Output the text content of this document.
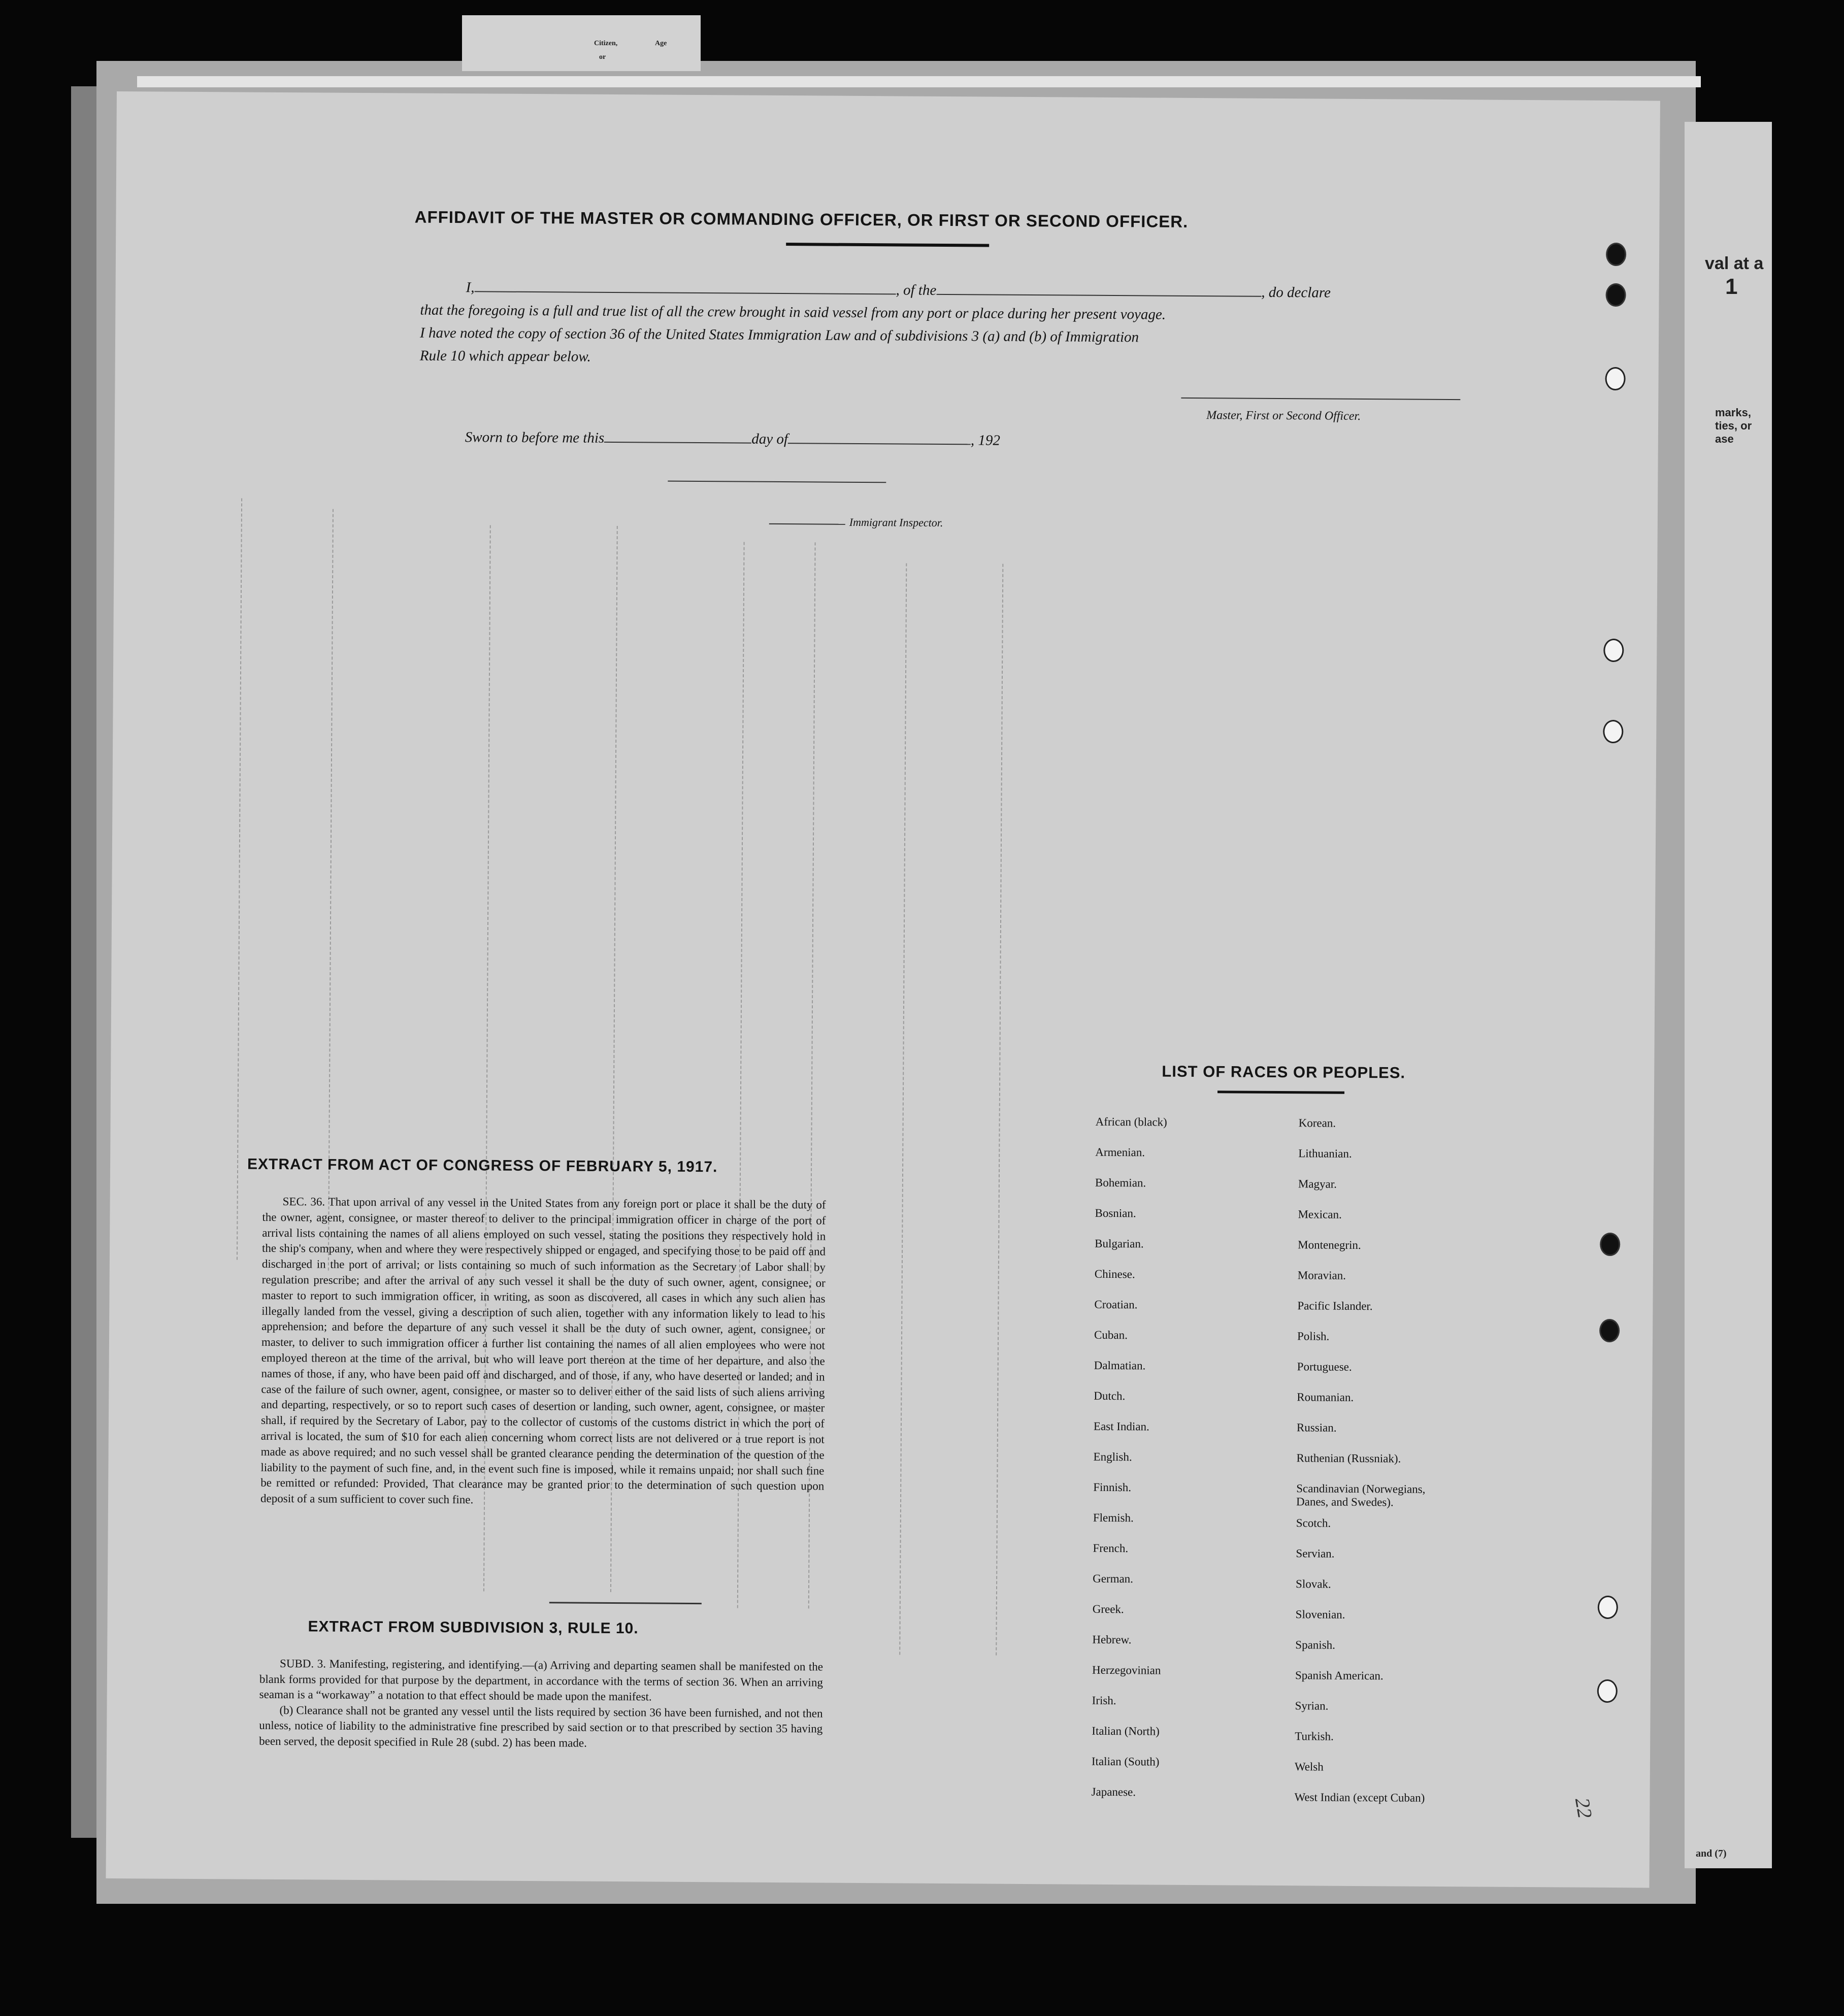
val at a
1
marks,
ties, or
ase
Citizen,
or
Age
AFFIDAVIT OF THE MASTER OR COMMANDING OFFICER, OR FIRST OR SECOND OFFICER.
I,	, of the	, do declare
that the foregoing is a full and true list of all the crew brought in said vessel from any port or place during her present voyage.
I have noted the copy of section 36 of the United States Immigration Law and of subdivisions 3 (a) and (b) of Immigration
Rule 10 which appear below.
Master, First or Second Officer.
Sworn to before me this	day of	, 192
Immigrant Inspector.
EXTRACT FROM ACT OF CONGRESS OF FEBRUARY 5, 1917.
SEC. 36. That upon arrival of any vessel in the United States from any foreign port or place it shall be the duty of the owner, agent, consignee, or master thereof to deliver to the principal immigration officer in charge of the port of arrival lists containing the names of all aliens employed on such vessel, stating the positions they respectively hold in the ship's company, when and where they were respectively shipped or engaged, and specifying those to be paid off and discharged in the port of arrival; or lists containing so much of such information as the Secretary of Labor shall by regulation prescribe; and after the arrival of any such vessel it shall be the duty of such owner, agent, consignee, or master to report to such immigration officer, in writing, as soon as discovered, all cases in which any such alien has illegally landed from the vessel, giving a description of such alien, together with any information likely to lead to his apprehension; and before the departure of any such vessel it shall be the duty of such owner, agent, consignee, or master, to deliver to such immigration officer a further list containing the names of all alien employees who were not employed thereon at the time of the arrival, but who will leave port thereon at the time of her departure, and also the names of those, if any, who have been paid off and discharged, and of those, if any, who have deserted or landed; and in case of the failure of such owner, agent, consignee, or master so to deliver either of the said lists of such aliens arriving and departing, respectively, or so to report such cases of desertion or landing, such owner, agent, consignee, or master shall, if required by the Secretary of Labor, pay to the collector of customs of the customs district in which the port of arrival is located, the sum of $10 for each alien concerning whom correct lists are not delivered or a true report is not made as above required; and no such vessel shall be granted clearance pending the determination of the question of the liability to the payment of such fine, and, in the event such fine is imposed, while it remains unpaid; nor shall such fine be remitted or refunded: Provided, That clearance may be granted prior to the determination of such question upon deposit of a sum sufficient to cover such fine.
EXTRACT FROM SUBDIVISION 3, RULE 10.
SUBD. 3. Manifesting, registering, and identifying.—(a) Arriving and departing seamen shall be manifested on the blank forms provided for that purpose by the department, in accordance with the terms of section 36. When an arriving seaman is a “workaway” a notation to that effect should be made upon the manifest.
(b) Clearance shall not be granted any vessel until the lists required by section 36 have been furnished, and not then unless, notice of liability to the administrative fine prescribed by said section or to that prescribed by section 35 having been served, the deposit specified in Rule 28 (subd. 2) has been made.
LIST OF RACES OR PEOPLES.
African (black)
Armenian.
Bohemian.
Bosnian.
Bulgarian.
Chinese.
Croatian.
Cuban.
Dalmatian.
Dutch.
East Indian.
English.
Finnish.
Flemish.
French.
German.
Greek.
Hebrew.
Herzegovinian
Irish.
Italian (North)
Italian (South)
Japanese.
Korean.
Lithuanian.
Magyar.
Mexican.
Montenegrin.
Moravian.
Pacific Islander.
Polish.
Portuguese.
Roumanian.
Russian.
Ruthenian (Russniak).
Scandinavian (Norwegians, Danes, and Swedes).
Scotch.
Servian.
Slovak.
Slovenian.
Spanish.
Spanish American.
Syrian.
Turkish.
Welsh
West Indian (except Cuban)	22
and (7)
